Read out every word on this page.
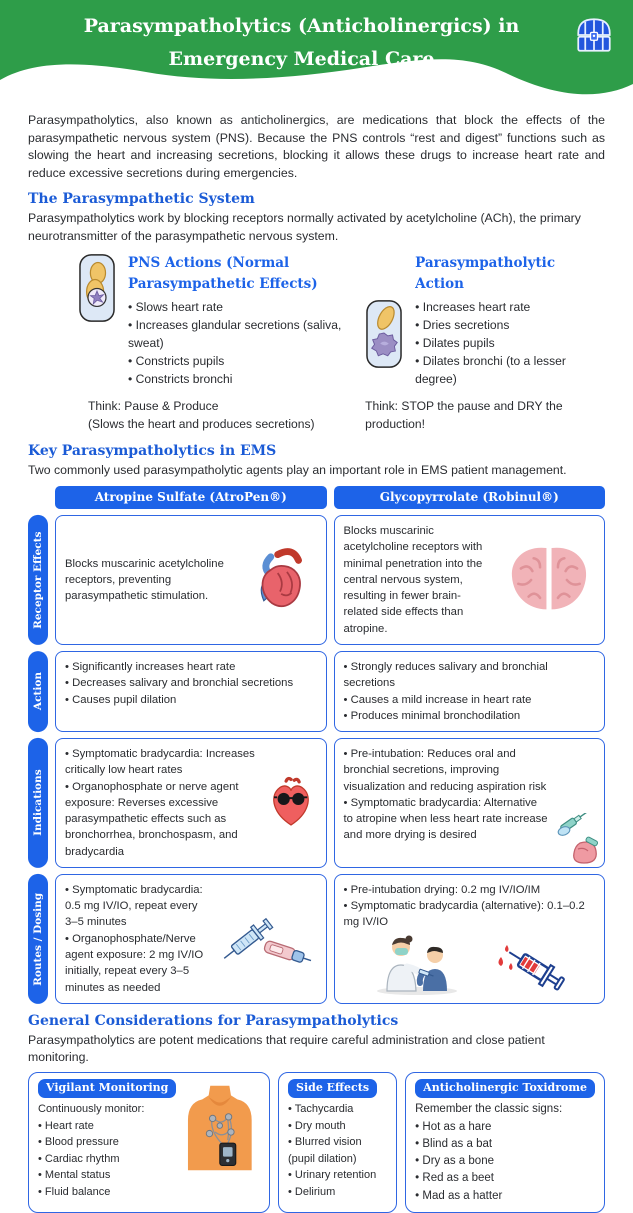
Parasympatholytics (Anticholinergics) in
Emergency Medical Care

Parasympatholytics, also known as anticholinergics, are medications that block the effects of the parasympathetic nervous system (PNS). Because the PNS controls “rest and digest” functions such as slowing the heart and increasing secretions, blocking it allows these drugs to increase heart rate and reduce excessive secretions during emergencies.

The Parasympathetic System

Parasympatholytics work by blocking receptors normally activated by acetylcholine (ACh), the primary neurotransmitter of the parasympathetic nervous system.

PNS Actions (Normal
Parasympathetic Effects)
• Slows heart rate
• Increases glandular secretions (saliva, sweat)
• Constricts pupils
• Constricts bronchi
Think: Pause & Produce
(Slows the heart and produces secretions)
Parasympatholytic
Action
• Increases heart rate
• Dries secretions
• Dilates pupils
• Dilates bronchi (to a lesser degree)
Think: STOP the pause and DRY the production!
Key Parasympatholytics in EMS

Two commonly used parasympatholytic agents play an important role in EMS patient management.

Atropine Sulfate (AtroPen®)	Glycopyrrolate (Robinul®)
Receptor Effects	Blocks muscarinic acetylcholine receptors, preventing parasympathetic stimulation.
Blocks muscarinic acetylcholine receptors with minimal penetration into the central nervous system, resulting in fewer brain-related side effects than atropine.
Action
• Significantly increases heart rate
• Decreases salivary and bronchial secretions
• Causes pupil dilation
• Strongly reduces salivary and bronchial secretions
• Causes a mild increase in heart rate
• Produces minimal bronchodilation
Indications
• Symptomatic bradycardia: Increases critically low heart rates
• Organophosphate or nerve agent exposure: Reverses excessive parasympathetic effects such as bronchorrhea, bronchospasm, and bradycardia
• Pre-intubation: Reduces oral and bronchial secretions, improving visualization and reducing aspiration risk
• Symptomatic bradycardia: Alternative to atropine when less heart rate increase and more drying is desired
Routes / Dosing
• Symptomatic bradycardia: 0.5 mg IV/IO, repeat every 3–5 minutes
• Organophosphate/Nerve agent exposure: 2 mg IV/IO initially, repeat every 3–5 minutes as needed
• Pre-intubation drying: 0.2 mg IV/IO/IM
• Symptomatic bradycardia (alternative): 0.1–0.2 mg IV/IO
General Considerations for Parasympatholytics

Parasympatholytics are potent medications that require careful administration and close patient monitoring.

Vigilant Monitoring
Continuously monitor:
• Heart rate
• Blood pressure
• Cardiac rhythm
• Mental status
• Fluid balance
Side Effects
• Tachycardia
• Dry mouth
• Blurred vision (pupil dilation)
• Urinary retention
• Delirium
Anticholinergic Toxidrome
Remember the classic signs:
• Hot as a hare
• Blind as a bat
• Dry as a bone
• Red as a beet
• Mad as a hatter
